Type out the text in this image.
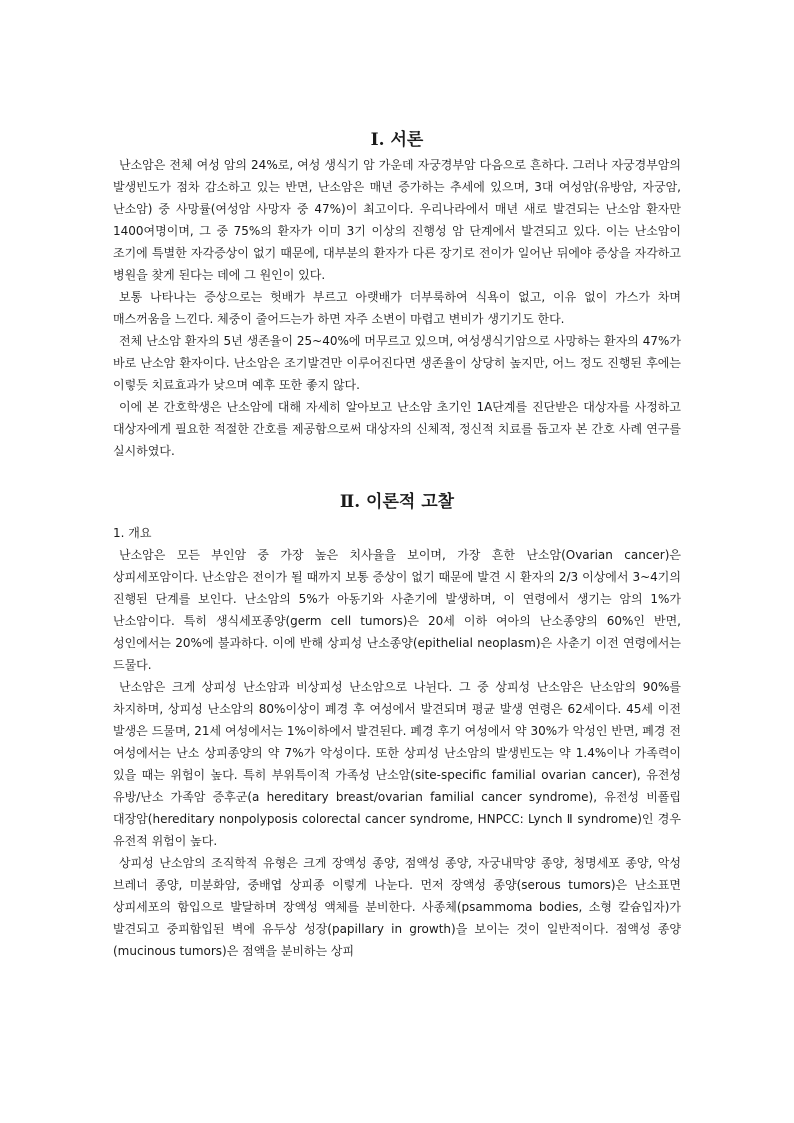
Ⅰ. 서론

난소암은 전체 여성 암의 24%로, 여성 생식기 암 가운데 자궁경부암 다음으로 흔하다. 그러나 자궁경부암의 발생빈도가 점차 감소하고 있는 반면, 난소암은 매년 증가하는 추세에 있으며, 3대 여성암(유방암, 자궁암, 난소암) 중 사망률(여성암 사망자 중 47%)이 최고이다. 우리나라에서 매년 새로 발견되는 난소암 환자만 1400여명이며, 그 중 75%의 환자가 이미 3기 이상의 진행성 암 단계에서 발견되고 있다. 이는 난소암이 조기에 특별한 자각증상이 없기 때문에, 대부분의 환자가 다른 장기로 전이가 일어난 뒤에야 증상을 자각하고 병원을 찾게 된다는 데에 그 원인이 있다.

보통 나타나는 증상으로는 헛배가 부르고 아랫배가 더부룩하여 식욕이 없고, 이유 없이 가스가 차며 매스꺼움을 느낀다. 체중이 줄어드는가 하면 자주 소변이 마렵고 변비가 생기기도 한다.

전체 난소암 환자의 5년 생존율이 25~40%에 머무르고 있으며, 여성생식기암으로 사망하는 환자의 47%가 바로 난소암 환자이다. 난소암은 조기발견만 이루어진다면 생존율이 상당히 높지만, 어느 정도 진행된 후에는 이렇듯 치료효과가 낮으며 예후 또한 좋지 않다.

이에 본 간호학생은 난소암에 대해 자세히 알아보고 난소암 초기인 1A단계를 진단받은 대상자를 사정하고 대상자에게 필요한 적절한 간호를 제공함으로써 대상자의 신체적, 정신적 치료를 돕고자 본 간호 사례 연구를 실시하였다.

Ⅱ. 이론적 고찰

1. 개요

난소암은 모든 부인암 중 가장 높은 치사율을 보이며, 가장 흔한 난소암(Ovarian cancer)은 상피세포암이다. 난소암은 전이가 될 때까지 보통 증상이 없기 때문에 발견 시 환자의 2/3 이상에서 3~4기의 진행된 단계를 보인다. 난소암의 5%가 아동기와 사춘기에 발생하며, 이 연령에서 생기는 암의 1%가 난소암이다. 특히 생식세포종양(germ cell tumors)은 20세 이하 여아의 난소종양의 60%인 반면, 성인에서는 20%에 불과하다. 이에 반해 상피성 난소종양(epithelial neoplasm)은 사춘기 이전 연령에서는 드물다.

난소암은 크게 상피성 난소암과 비상피성 난소암으로 나뉜다. 그 중 상피성 난소암은 난소암의 90%를 차지하며, 상피성 난소암의 80%이상이 폐경 후 여성에서 발견되며 평균 발생 연령은 62세이다. 45세 이전 발생은 드물며, 21세 여성에서는 1%이하에서 발견된다. 폐경 후기 여성에서 약 30%가 악성인 반면, 폐경 전 여성에서는 난소 상피종양의 약 7%가 악성이다. 또한 상피성 난소암의 발생빈도는 약 1.4%이나 가족력이 있을 때는 위험이 높다. 특히 부위특이적 가족성 난소암(site-specific familial ovarian cancer), 유전성 유방/난소 가족암 증후군(a hereditary breast/ovarian familial cancer syndrome), 유전성 비폴립 대장암(hereditary nonpolyposis colorectal cancer syndrome, HNPCC: Lynch Ⅱ syndrome)인 경우 유전적 위험이 높다.

상피성 난소암의 조직학적 유형은 크게 장액성 종양, 점액성 종양, 자궁내막양 종양, 청명세포 종양, 악성 브레너 종양, 미분화암, 중배엽 상피종 이렇게 나눈다. 먼저 장액성 종양(serous tumors)은 난소표면 상피세포의 함입으로 발달하며 장액성 액체를 분비한다. 사종체(psammoma bodies, 소형 칼슘입자)가 발견되고 중피함입된 벽에 유두상 성장(papillary in growth)을 보이는 것이 일반적이다. 점액성 종양(mucinous tumors)은 점액을 분비하는 상피
